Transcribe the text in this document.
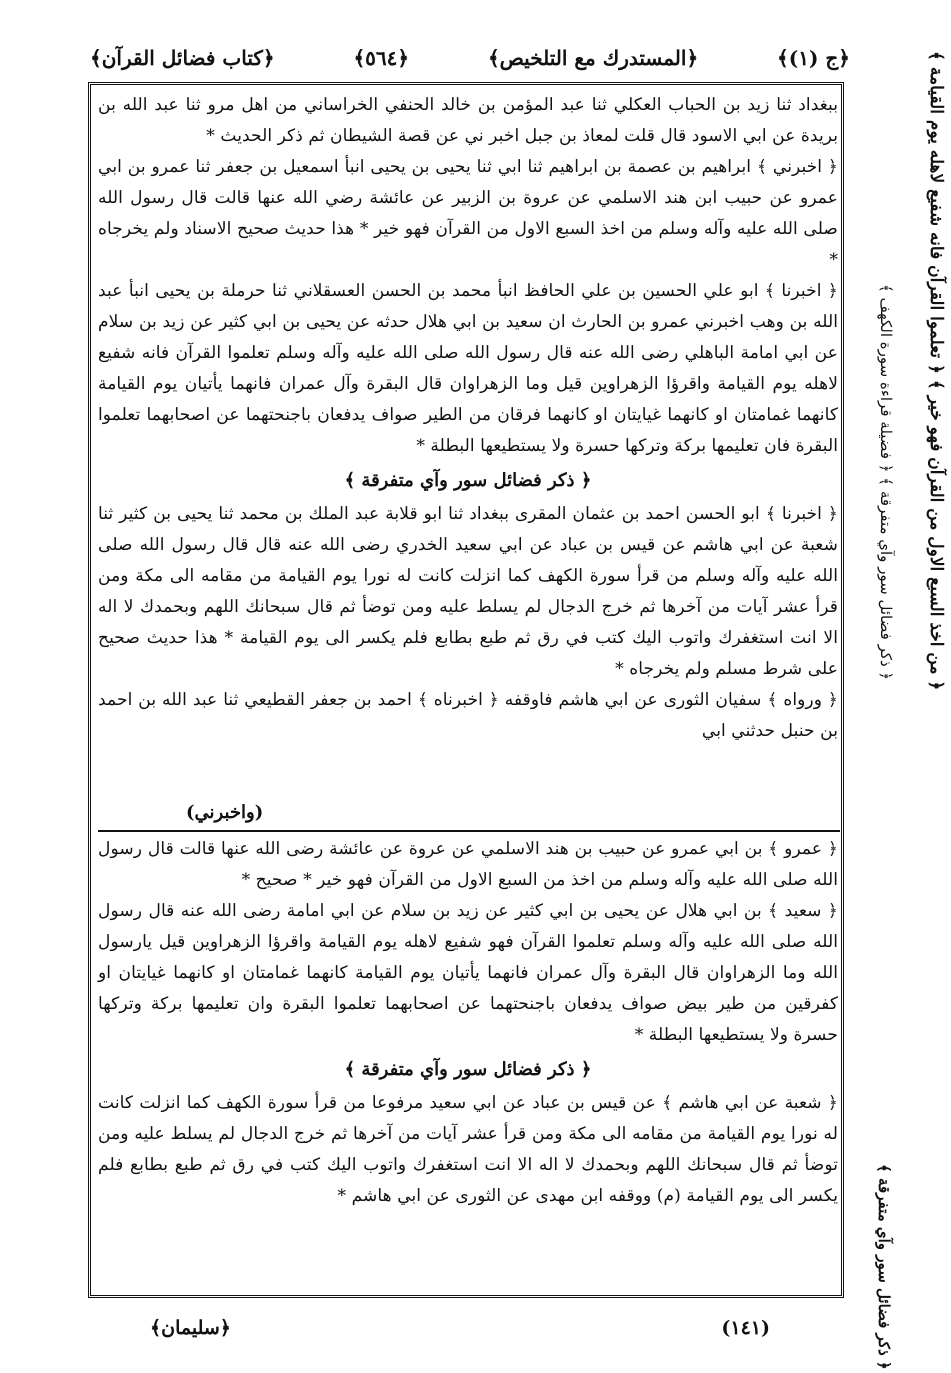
﴿ج (١)﴾
﴿المستدرك مع التلخيص﴾
﴿٥٦٤﴾
﴿كتاب فضائل القرآن﴾	﴿ من اخذ السبع الاول من القرآن فهو خير ﴾ ﴿ تعلموا القرآن فانه شفيع لاهله يوم القيامة ﴾
﴿ ذكر فضائل سور وآي متفرقة ﴾ ﴿ فضيلة قراءة سورة الكهف ﴾
﴿ ذكر فضائل سور وآي متفرقة ﴾

ببغداد ثنا زيد بن الحباب العكلي ثنا عبد المؤمن بن خالد الحنفي الخراساني من اهل مرو ثنا عبد الله بن بريدة عن ابي الاسود قال قلت لمعاذ بن جبل اخبر ني عن قصة الشيطان ثم ذكر الحديث *

﴿ اخبرني ﴾ ابراهيم بن عصمة بن ابراهيم ثنا ابي ثنا يحيى بن يحيى انبأ اسمعيل بن جعفر ثنا عمرو بن ابي عمرو عن حبيب ابن هند الاسلمي عن عروة بن الزبير عن عائشة رضي الله عنها قالت قال رسول الله صلى الله عليه وآله وسلم من اخذ السبع الاول من القرآن فهو خير * هذا حديث صحيح الاسناد ولم يخرجاه *

﴿ اخبرنا ﴾ ابو علي الحسين بن علي الحافظ انبأ محمد بن الحسن العسقلاني ثنا حرملة بن يحيى انبأ عبد الله بن وهب اخبرني عمرو بن الحارث ان سعيد بن ابي هلال حدثه عن يحيى بن ابي كثير عن زيد بن سلام عن ابي امامة الباهلي رضى الله عنه قال رسول الله صلى الله عليه وآله وسلم تعلموا القرآن فانه شفيع لاهله يوم القيامة واقرؤا الزهراوين قيل وما الزهراوان قال البقرة وآل عمران فانهما يأتيان يوم القيامة كانهما غمامتان او كانهما غيايتان او كانهما فرقان من الطير صواف يدفعان باجنحتهما عن اصحابهما تعلموا البقرة فان تعليمها بركة وتركها حسرة ولا يستطيعها البطلة *

﴿ ذكر فضائل سور وآي متفرقة ﴾

﴿ اخبرنا ﴾ ابو الحسن احمد بن عثمان المقرى ببغداد ثنا ابو قلابة عبد الملك بن محمد ثنا يحيى بن كثير ثنا شعبة عن ابي هاشم عن قيس بن عباد عن ابي سعيد الخدري رضى الله عنه قال قال رسول الله صلى الله عليه وآله وسلم من قرأ سورة الكهف كما انزلت كانت له نورا يوم القيامة من مقامه الى مكة ومن قرأ عشر آيات من آخرها ثم خرج الدجال لم يسلط عليه ومن توضأ ثم قال سبحانك اللهم وبحمدك لا اله الا انت استغفرك واتوب اليك كتب في رق ثم طبع بطابع فلم يكسر الى يوم القيامة * هذا حديث صحيح على شرط مسلم ولم يخرجاه *

﴿ ورواه ﴾ سفيان الثورى عن ابي هاشم فاوقفه ﴿ اخبرناه ﴾ احمد بن جعفر القطيعي ثنا عبد الله بن احمد بن حنبل حدثني ابي

(واخبرني)

﴿ عمرو ﴾ بن ابي عمرو عن حبيب بن هند الاسلمي عن عروة عن عائشة رضى الله عنها قالت قال رسول الله صلى الله عليه وآله وسلم من اخذ من السبع الاول من القرآن فهو خير * صحيح *

﴿ سعيد ﴾ بن ابي هلال عن يحيى بن ابي كثير عن زيد بن سلام عن ابي امامة رضى الله عنه قال رسول الله صلى الله عليه وآله وسلم تعلموا القرآن فهو شفيع لاهله يوم القيامة واقرؤا الزهراوين قيل يارسول الله وما الزهراوان قال البقرة وآل عمران فانهما يأتيان يوم القيامة كانهما غمامتان او كانهما غيايتان او كفرقين من طير بيض صواف يدفعان باجنحتهما عن اصحابهما تعلموا البقرة وان تعليمها بركة وتركها حسرة ولا يستطيعها البطلة *

﴿ ذكر فضائل سور وآي متفرقة ﴾

﴿ شعبة عن ابي هاشم ﴾ عن قيس بن عباد عن ابي سعيد مرفوعا من قرأ سورة الكهف كما انزلت كانت له نورا يوم القيامة من مقامه الى مكة ومن قرأ عشر آيات من آخرها ثم خرج الدجال لم يسلط عليه ومن توضأ ثم قال سبحانك اللهم وبحمدك لا اله الا انت استغفرك واتوب اليك كتب في رق ثم طبع بطابع فلم يكسر الى يوم القيامة (م) ووقفه ابن مهدى عن الثورى عن ابي هاشم *

(١٤١)
﴿سليمان﴾
